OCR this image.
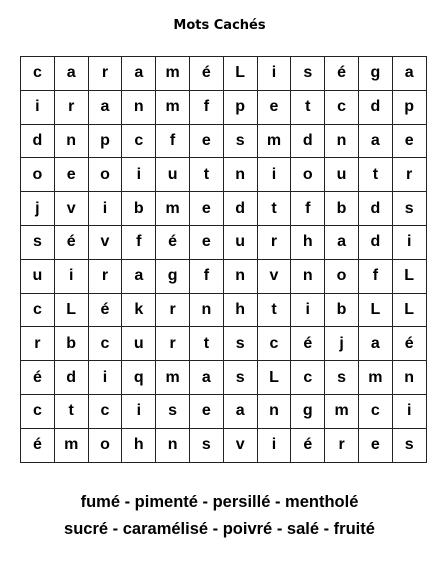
Mots Cachés
c	a	r	a	m	é	L	i	s	é	g	a
i	r	a	n	m	f	p	e	t	c	d	p
d	n	p	c	f	e	s	m	d	n	a	e
o	e	o	i	u	t	n	i	o	u	t	r
j	v	i	b	m	e	d	t	f	b	d	s
s	é	v	f	é	e	u	r	h	a	d	i
u	i	r	a	g	f	n	v	n	o	f	L
c	L	é	k	r	n	h	t	i	b	L	L
r	b	c	u	r	t	s	c	é	j	a	é
é	d	i	q	m	a	s	L	c	s	m	n
c	t	c	i	s	e	a	n	g	m	c	i
é	m	o	h	n	s	v	i	é	r	e	s
fumé - pimenté - persillé - mentholé
sucré - caramélisé - poivré - salé - fruité
